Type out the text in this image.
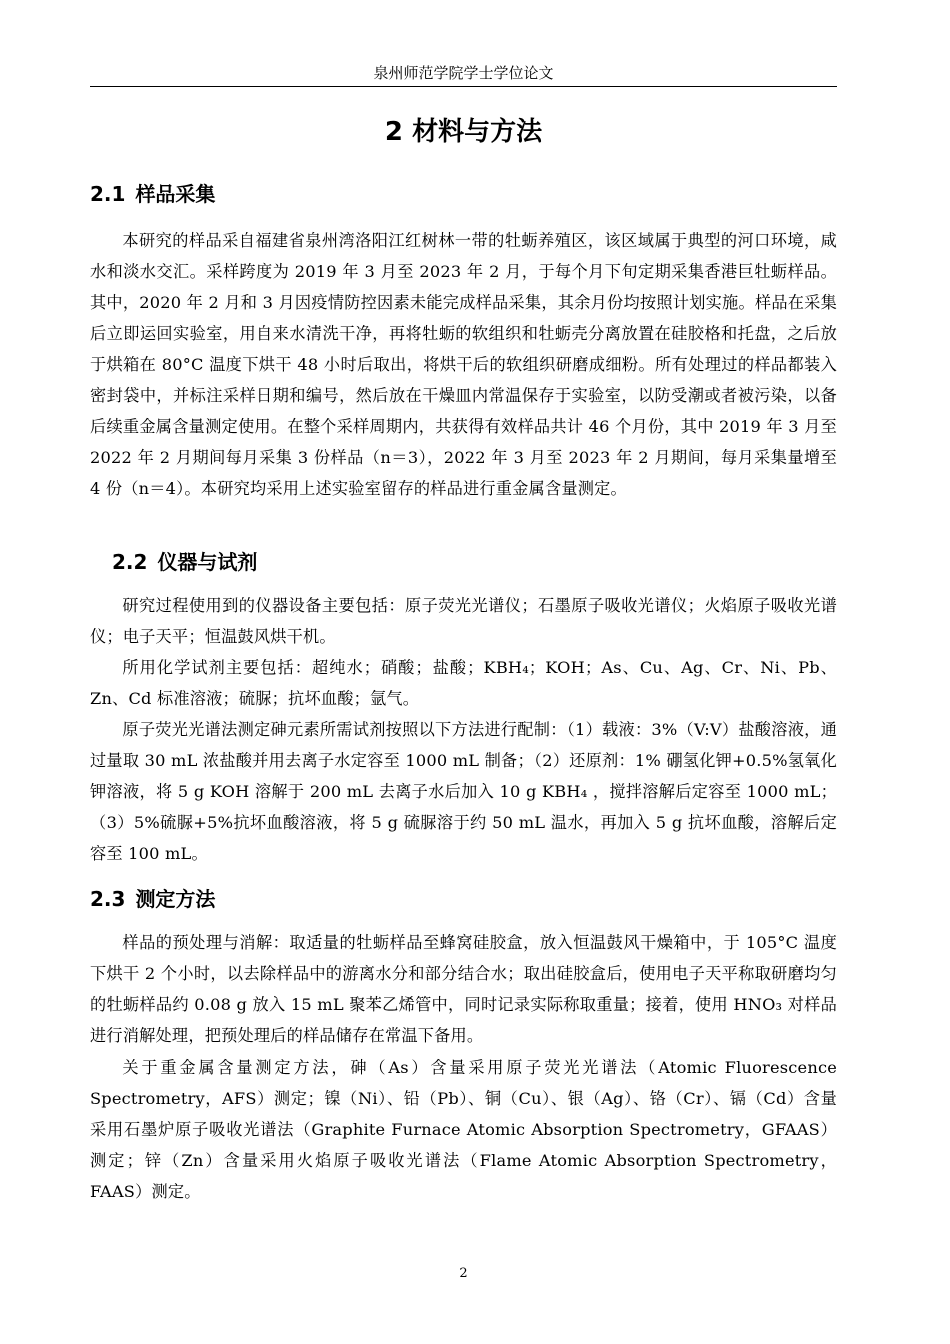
泉州师范学院学士学位论文
2 材料与方法
2.1 样品采集

本研究的样品采自福建省泉州湾洛阳江红树林一带的牡蛎养殖区，该区域属于典型的河口环境，咸水和淡水交汇。采样跨度为 2019 年 3 月至 2023 年 2 月，于每个月下旬定期采集香港巨牡蛎样品。其中，2020 年 2 月和 3 月因疫情防控因素未能完成样品采集，其余月份均按照计划实施。样品在采集后立即运回实验室，用自来水清洗干净，再将牡蛎的软组织和牡蛎壳分离放置在硅胶格和托盘，之后放于烘箱在 80°C 温度下烘干 48 小时后取出，将烘干后的软组织研磨成细粉。所有处理过的样品都装入密封袋中，并标注采样日期和编号，然后放在干燥皿内常温保存于实验室，以防受潮或者被污染，以备后续重金属含量测定使用。在整个采样周期内，共获得有效样品共计 46 个月份，其中 2019 年 3 月至 2022 年 2 月期间每月采集 3 份样品（n＝3），2022 年 3 月至 2023 年 2 月期间，每月采集量增至 4 份（n＝4）。本研究均采用上述实验室留存的样品进行重金属含量测定。

2.2 仪器与试剂

研究过程使用到的仪器设备主要包括：原子荧光光谱仪；石墨原子吸收光谱仪；火焰原子吸收光谱仪；电子天平；恒温鼓风烘干机。

所用化学试剂主要包括：超纯水；硝酸；盐酸；KBH₄；KOH；As、Cu、Ag、Cr、Ni、Pb、Zn、Cd 标准溶液；硫脲；抗坏血酸；氩气。

原子荧光光谱法测定砷元素所需试剂按照以下方法进行配制：（1）载液：3%（V:V）盐酸溶液，通过量取 30 mL 浓盐酸并用去离子水定容至 1000 mL 制备；（2）还原剂：1% 硼氢化钾+0.5%氢氧化钾溶液，将 5 g KOH 溶解于 200 mL 去离子水后加入 10 g KBH₄ ，搅拌溶解后定容至 1000 mL；（3）5%硫脲+5%抗坏血酸溶液，将 5 g 硫脲溶于约 50 mL 温水，再加入 5 g 抗坏血酸，溶解后定容至 100 mL。

2.3 测定方法

样品的预处理与消解：取适量的牡蛎样品至蜂窝硅胶盒，放入恒温鼓风干燥箱中，于 105°C 温度下烘干 2 个小时，以去除样品中的游离水分和部分结合水；取出硅胶盒后，使用电子天平称取研磨均匀的牡蛎样品约 0.08 g 放入 15 mL 聚苯乙烯管中，同时记录实际称取重量；接着，使用 HNO₃ 对样品进行消解处理，把预处理后的样品储存在常温下备用。

关于重金属含量测定方法，砷（As）含量采用原子荧光光谱法（Atomic Fluorescence Spectrometry，AFS）测定；镍（Ni）、铅（Pb）、铜（Cu）、银（Ag）、铬（Cr）、镉（Cd）含量采用石墨炉原子吸收光谱法（Graphite Furnace Atomic Absorption Spectrometry，GFAAS）测定；锌（Zn）含量采用火焰原子吸收光谱法（Flame Atomic Absorption Spectrometry，FAAS）测定。

2
